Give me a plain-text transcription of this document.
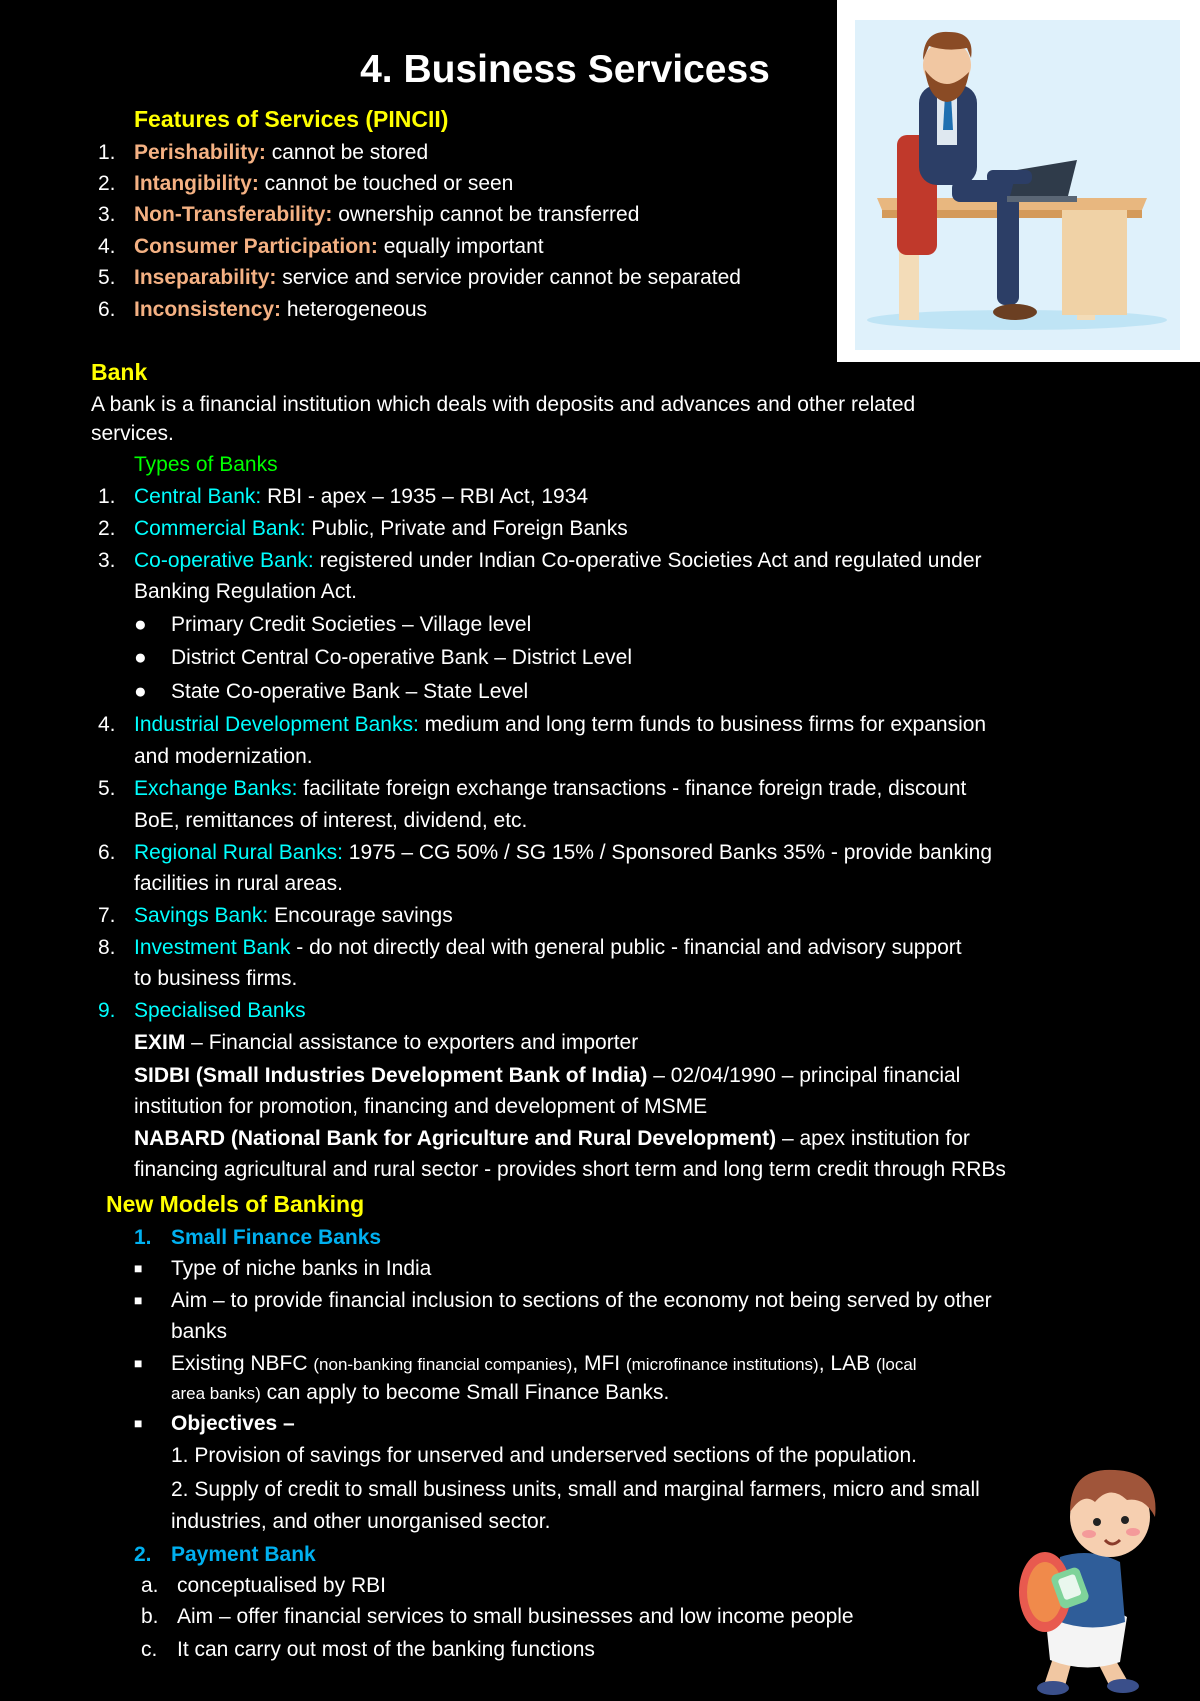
4. Business Servicess
Features of Services (PINCII)
1. Perishability: cannot be stored
2. Intangibility: cannot be touched or seen
3. Non-Transferability: ownership cannot be transferred
4. Consumer Participation: equally important
5. Inseparability: service and service provider cannot be separated
6. Inconsistency: heterogeneous
Bank
A bank is a financial institution which deals with deposits and advances and other related
services.
Types of Banks
1. Central Bank: RBI - apex – 1935 – RBI Act, 1934
2. Commercial Bank: Public, Private and Foreign Banks
3. Co-operative Bank: registered under Indian Co-operative Societies Act and regulated under
Banking Regulation Act.
● Primary Credit Societies – Village level
● District Central Co-operative Bank – District Level
● State Co-operative Bank – State Level
4. Industrial Development Banks: medium and long term funds to business firms for expansion
and modernization.
5. Exchange Banks: facilitate foreign exchange transactions - finance foreign trade, discount
BoE, remittances of interest, dividend, etc.
6. Regional Rural Banks: 1975 – CG 50% / SG 15% / Sponsored Banks 35% - provide banking
facilities in rural areas.
7. Savings Bank: Encourage savings
8. Investment Bank - do not directly deal with general public - financial and advisory support
to business firms.
9. Specialised Banks
EXIM – Financial assistance to exporters and importer
SIDBI (Small Industries Development Bank of India) – 02/04/1990 – principal financial
institution for promotion, financing and development of MSME
NABARD (National Bank for Agriculture and Rural Development) – apex institution for
financing agricultural and rural sector - provides short term and long term credit through RRBs
New Models of Banking
1. Small Finance Banks
■ Type of niche banks in India
■ Aim – to provide financial inclusion to sections of the economy not being served by other
banks
■ Existing NBFC (non-banking financial companies), MFI (microfinance institutions), LAB (local
area banks) can apply to become Small Finance Banks.
■ Objectives –
1. Provision of savings for unserved and underserved sections of the population.
2. Supply of credit to small business units, small and marginal farmers, micro and small
industries, and other unorganised sector.
2. Payment Bank
a. conceptualised by RBI
b. Aim – offer financial services to small businesses and low income people
c. It can carry out most of the banking functions
